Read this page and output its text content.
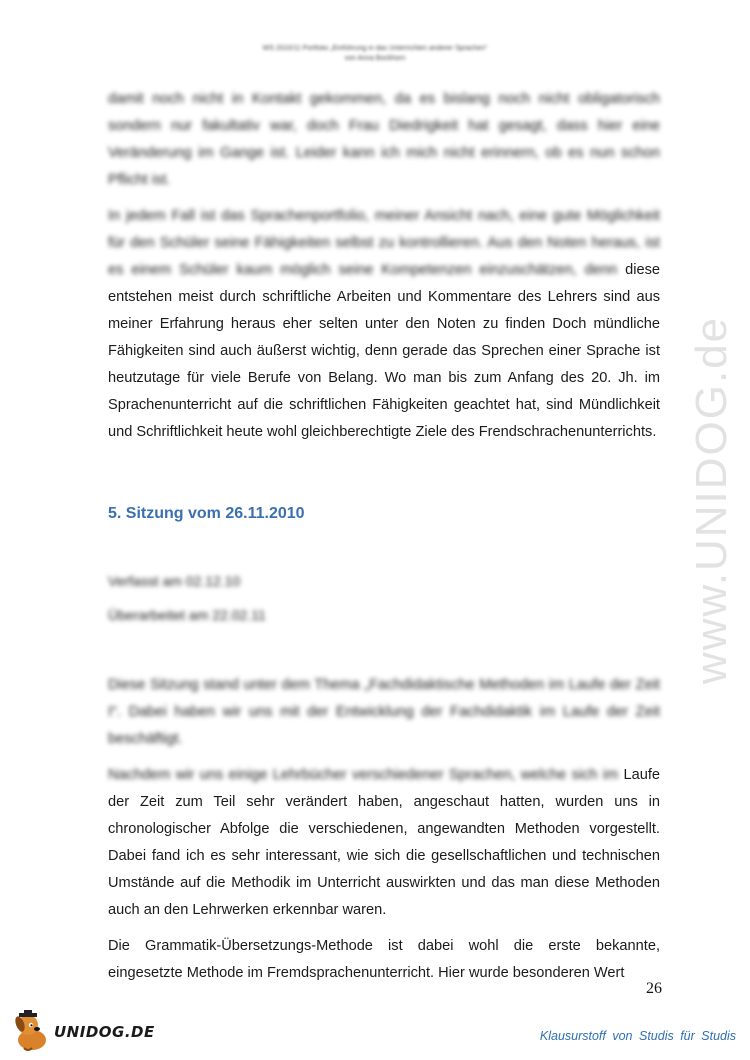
WS 2010/11 Portfolio „Einführung in das Unterrichten anderer Sprachen“
von Anna Bockhorn

damit noch nicht in Kontakt gekommen, da es bislang noch nicht obligatorisch sondern nur fakultativ war, doch Frau Diedrigkeit hat gesagt, dass hier eine Veränderung im Gange ist. Leider kann ich mich nicht erinnern, ob es nun schon Pflicht ist.

In jedem Fall ist das Sprachenportfolio, meiner Ansicht nach, eine gute Möglichkeit für den Schüler seine Fähigkeiten selbst zu kontrollieren. Aus den Noten heraus, ist es einem Schüler kaum möglich seine Kompetenzen einzuschätzen, denn diese entstehen meist durch schriftliche Arbeiten und Kommentare des Lehrers sind aus meiner Erfahrung heraus eher selten unter den Noten zu finden Doch mündliche Fähigkeiten sind auch äußerst wichtig, denn gerade das Sprechen einer Sprache ist heutzutage für viele Berufe von Belang. Wo man bis zum Anfang des 20. Jh. im Sprachenunterricht auf die schriftlichen Fähigkeiten geachtet hat, sind Mündlichkeit und Schriftlichkeit heute wohl gleichberechtigte Ziele des Frendschrachenunterrichts.

5. Sitzung vom 26.11.2010

Verfasst am 02.12.10

Überarbeitet am 22.02.11

Diese Sitzung stand unter dem Thema „Fachdidaktische Methoden im Laufe der Zeit I“. Dabei haben wir uns mit der Entwicklung der Fachdidaktik im Laufe der Zeit beschäftigt.

Nachdem wir uns einige Lehrbücher verschiedener Sprachen, welche sich im Laufe der Zeit zum Teil sehr verändert haben, angeschaut hatten, wurden uns in chronologischer Abfolge die verschiedenen, angewandten Methoden vorgestellt. Dabei fand ich es sehr interessant, wie sich die gesellschaftlichen und technischen Umstände auf die Methodik im Unterricht auswirkten und das man diese Methoden auch an den Lehrwerken erkennbar waren.

Die Grammatik-Übersetzungs-Methode ist dabei wohl die erste bekannte, eingesetzte Methode im Fremdsprachenunterricht. Hier wurde besonderen Wert

26
www.UNIDOG.de
UNIDOG.DE	Klausurstoff von Studis für Studis
